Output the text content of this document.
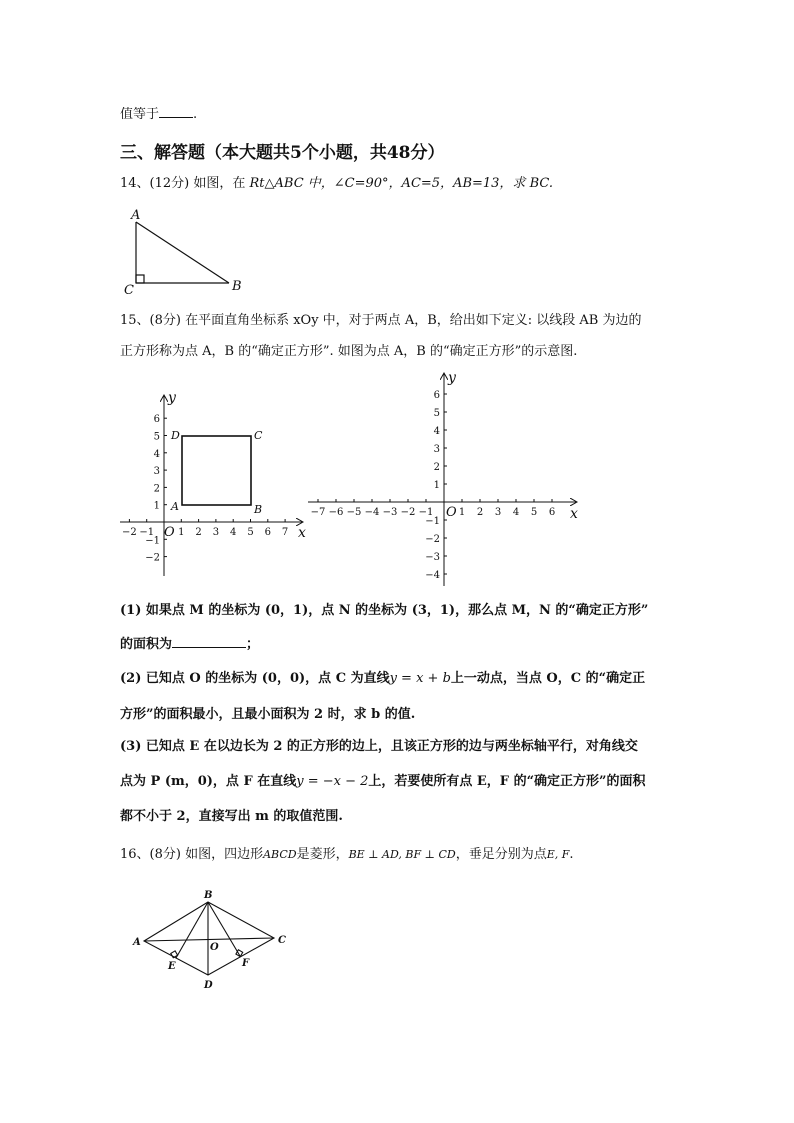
值等于	.
三、解答题（本大题共5个小题，共48分）
14、(12分) 如图，在 Rt△ABC 中，∠C=90°，AC=5，AB=13，求 BC.
A
C	B
15、(8分) 在平面直角坐标系 xOy 中，对于两点 A，B，给出如下定义: 以线段 AB 为边的
正方形称为点 A，B 的“确定正方形”. 如图为点 A，B 的“确定正方形”的示意图.
−2 −1 1 2 3 4 5 6 7
6
5
4
3
2
1
−1
−2
x
y
O
A	B
C
D
−7 −6 −5 −4 −3 −2 −1	1 2 3 4 5 6
6
5
4
3
2
1
−1
−2
−3
−4
x
y
O
(1) 如果点 M 的坐标为 (0，1)，点 N 的坐标为 (3，1)，那么点 M，N 的“确定正方形”
的面积为	；
(2) 已知点 O 的坐标为 (0，0)，点 C 为直线y = x + b上一动点，当点 O，C 的“确定正
方形”的面积最小，且最小面积为 2 时，求 b 的值.
(3) 已知点 E 在以边长为 2 的正方形的边上，且该正方形的边与两坐标轴平行，对角线交
点为 P (m，0)，点 F 在直线y = −x − 2上，若要使所有点 E，F 的“确定正方形”的面积
都不小于 2，直接写出 m 的取值范围.
16、(8分) 如图，四边形ABCD是菱形，BE ⊥ AD, BF ⊥ CD，垂足分别为点E, F.
A
B
C
D
E	F
O
